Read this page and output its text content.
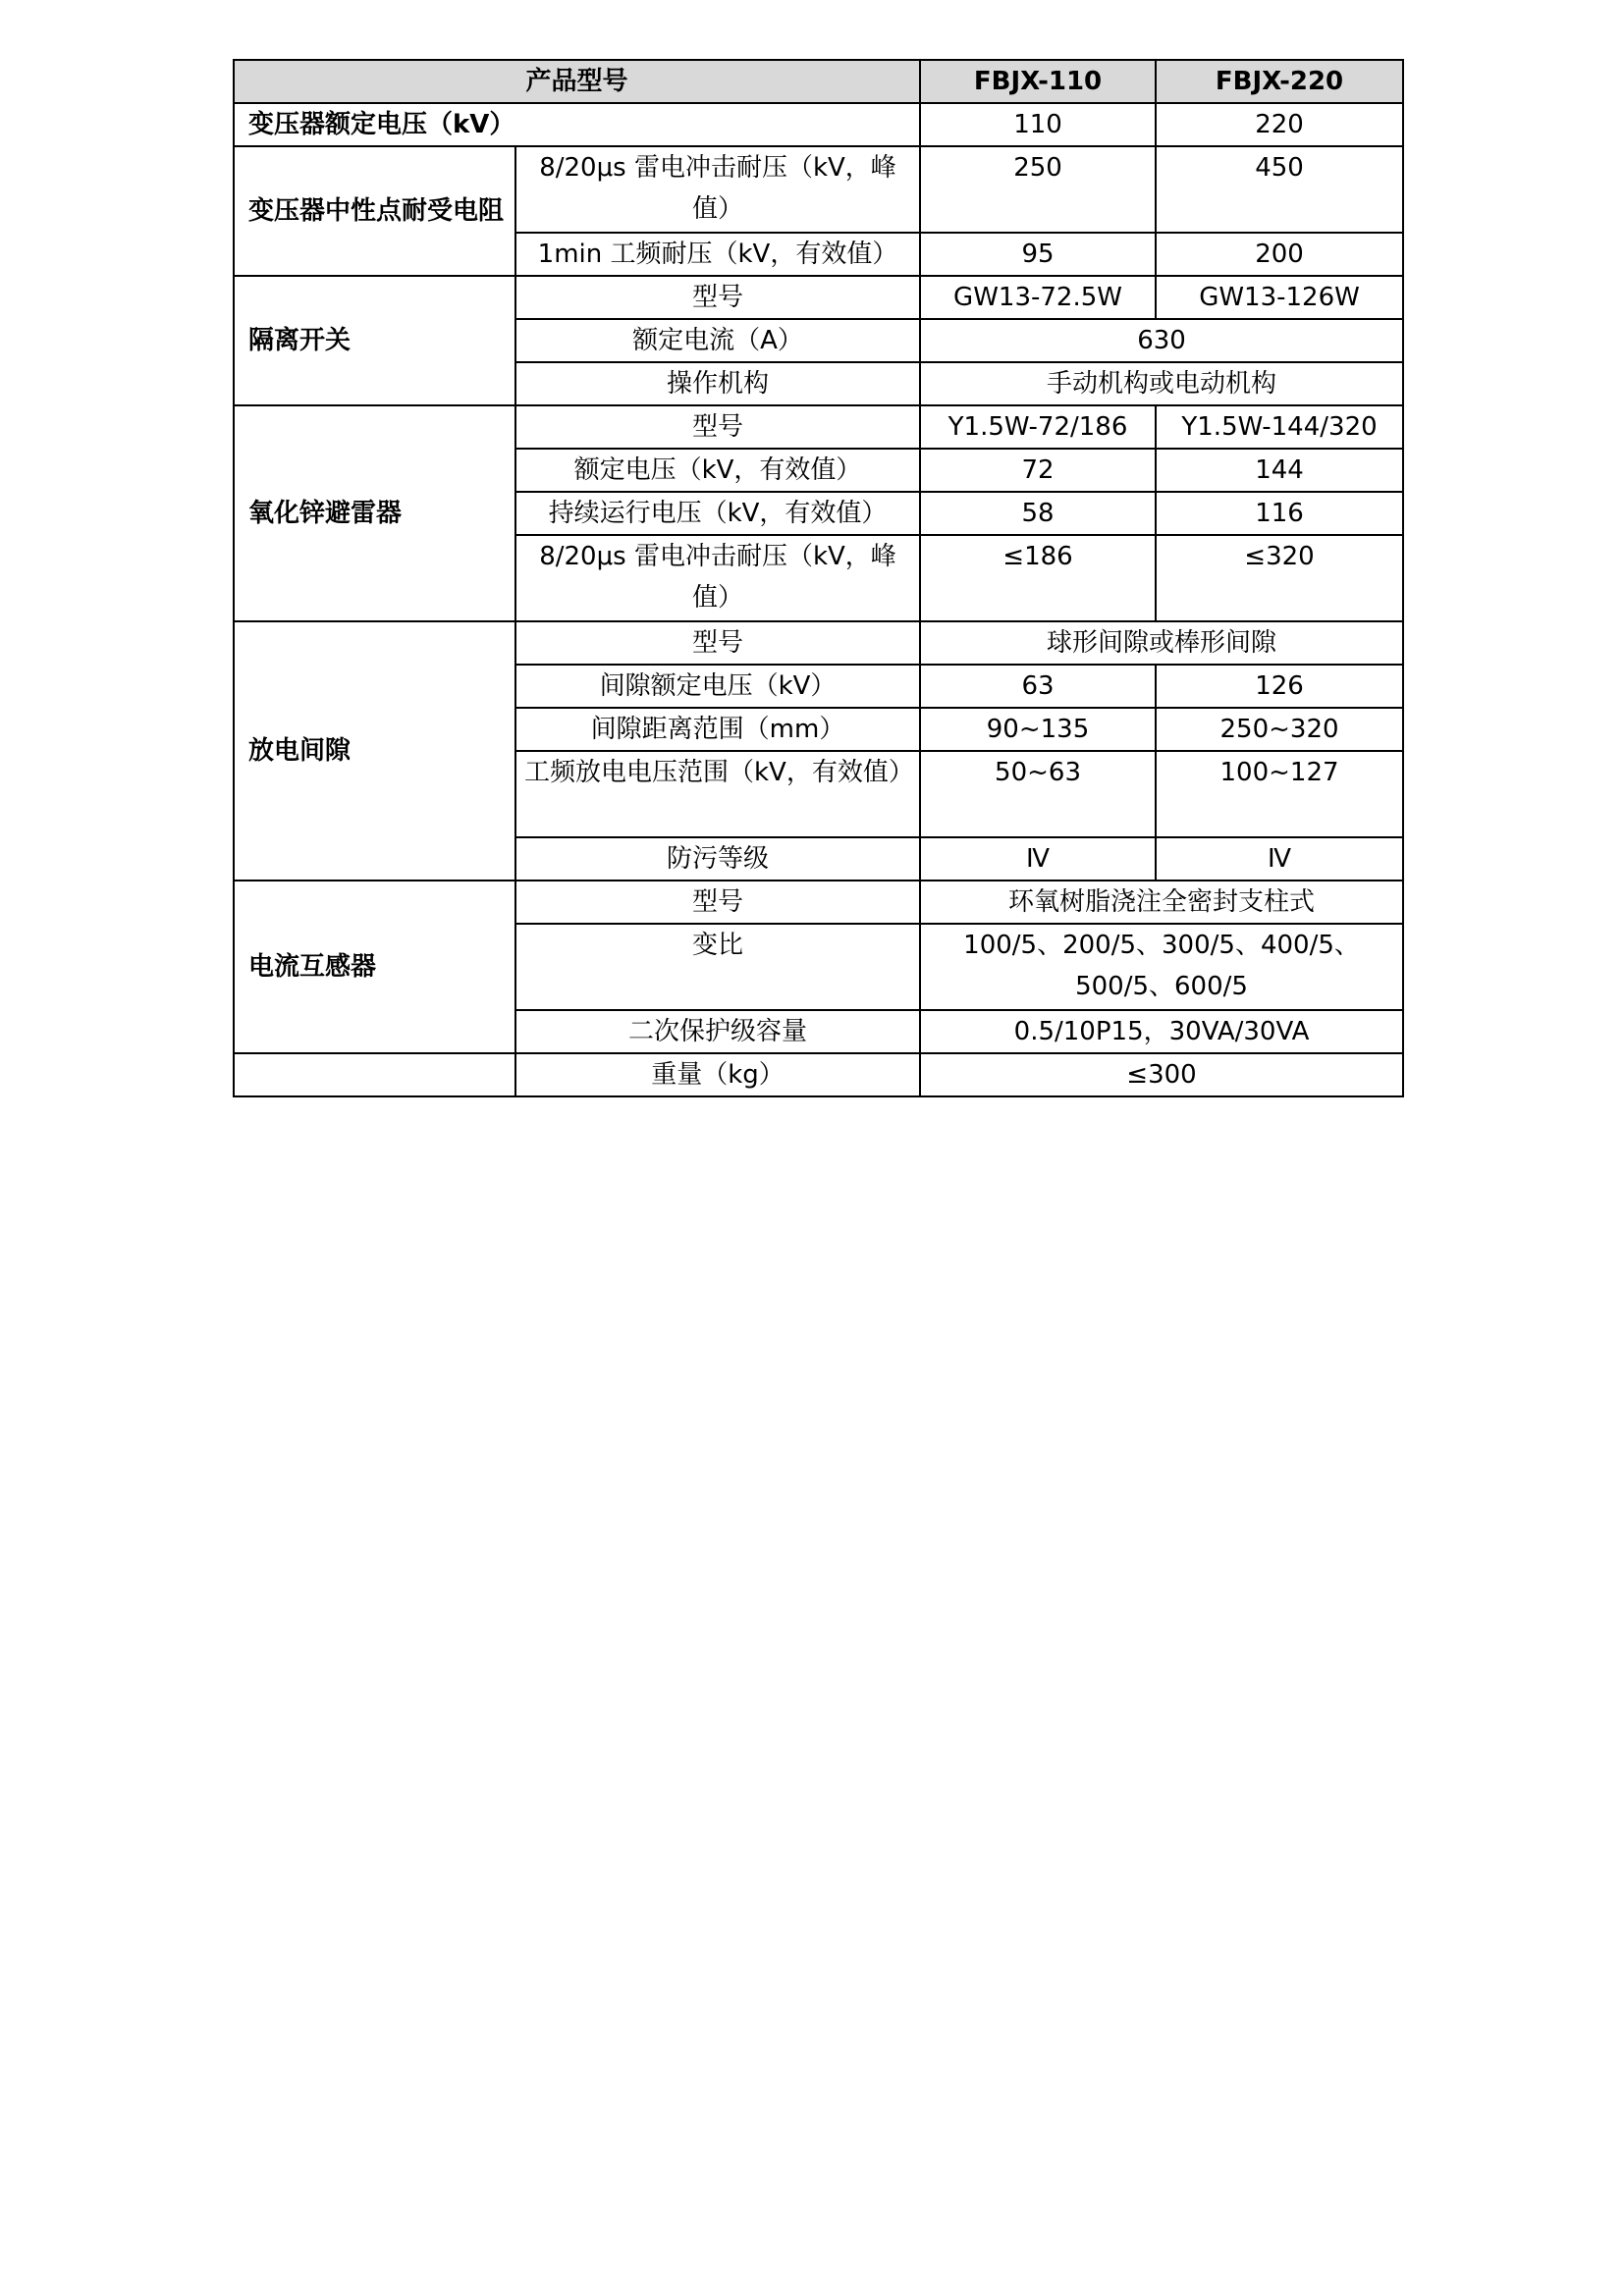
产品型号		FBJX-110	FBJX-220
变压器额定电压（kV）		110	220
变压器中性点耐受电阻	8/20μs 雷电冲击耐压（kV，峰值）	250	450
	1min 工频耐压（kV，有效值）	95	200
隔离开关	型号	GW13-72.5W	GW13-126W
	额定电流（A）	630	
	操作机构	手动机构或电动机构	
氧化锌避雷器	型号	Y1.5W-72/186	Y1.5W-144/320
	额定电压（kV，有效值）	72	144
	持续运行电压（kV，有效值）	58	116
	8/20μs 雷电冲击耐压（kV，峰值）	≤186	≤320
放电间隙	型号	球形间隙或棒形间隙	
	间隙额定电压（kV）	63	126
	间隙距离范围（mm）	90~135	250~320
	工频放电电压范围（kV，有效值）	50~63	100~127
	防污等级	Ⅳ	Ⅳ
电流互感器	型号	环氧树脂浇注全密封支柱式	
	变比	100/5、200/5、300/5、400/5、500/5、600/5	
	二次保护级容量	0.5/10P15，30VA/30VA	
	重量（kg）	≤300	
